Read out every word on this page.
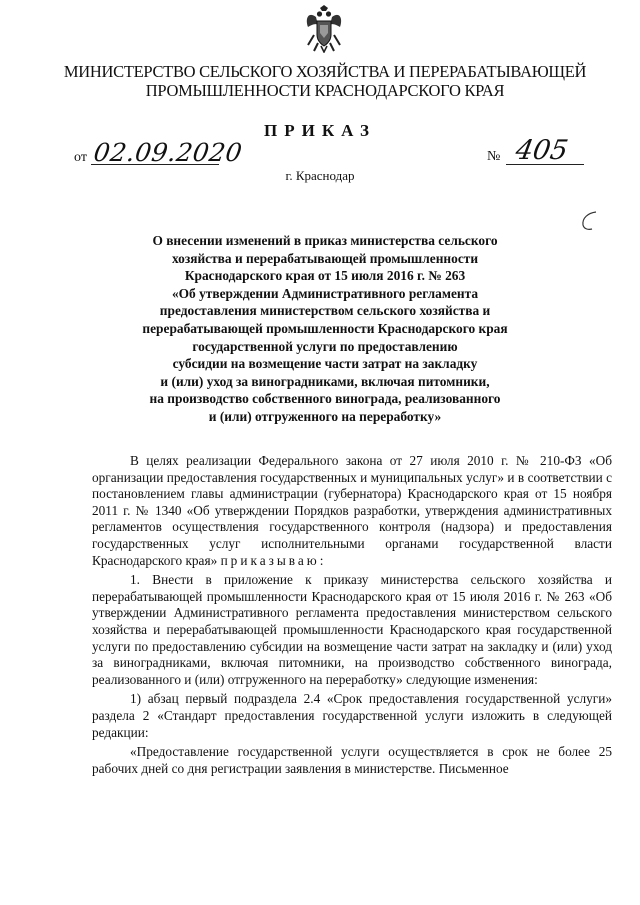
МИНИСТЕРСТВО СЕЛЬСКОГО ХОЗЯЙСТВА И ПЕРЕРАБАТЫВАЮЩЕЙ
ПРОМЫШЛЕННОСТИ КРАСНОДАРСКОГО КРАЯ
ПРИКАЗ
от 02.09.2020	№ 405
г. Краснодар
О внесении изменений в приказ министерства сельского
хозяйства и перерабатывающей промышленности
Краснодарского края от 15 июля 2016 г. № 263
«Об утверждении Административного регламента
предоставления министерством сельского хозяйства и
перерабатывающей промышленности Краснодарского края
государственной услуги по предоставлению
субсидии на возмещение части затрат на закладку
и (или) уход за виноградниками, включая питомники,
на производство собственного винограда, реализованного
и (или) отгруженного на переработку»

В целях реализации Федерального закона от 27 июля 2010 г. № 210-ФЗ «Об организации предоставления государственных и муниципальных услуг» и в соответствии с постановлением главы администрации (губернатора) Краснодарского края от 15 ноября 2011 г. № 1340 «Об утверждении Порядков разработки, утверждения административных регламентов осуществления государственного контроля (надзора) и предоставления государственных услуг исполнительными органами государственной власти Краснодарского края» приказываю:

1. Внести в приложение к приказу министерства сельского хозяйства и перерабатывающей промышленности Краснодарского края от 15 июля 2016 г. № 263 «Об утверждении Административного регламента предоставления министерством сельского хозяйства и перерабатывающей промышленности Краснодарского края государственной услуги по предоставлению субсидии на возмещение части затрат на закладку и (или) уход за виноградниками, включая питомники, на производство собственного винограда, реализованного и (или) отгруженного на переработку» следующие изменения:

1) абзац первый подраздела 2.4 «Срок предоставления государственной услуги» раздела 2 «Стандарт предоставления государственной услуги изложить в следующей редакции:

«Предоставление государственной услуги осуществляется в срок не более 25 рабочих дней со дня регистрации заявления в министерстве. Письменное
